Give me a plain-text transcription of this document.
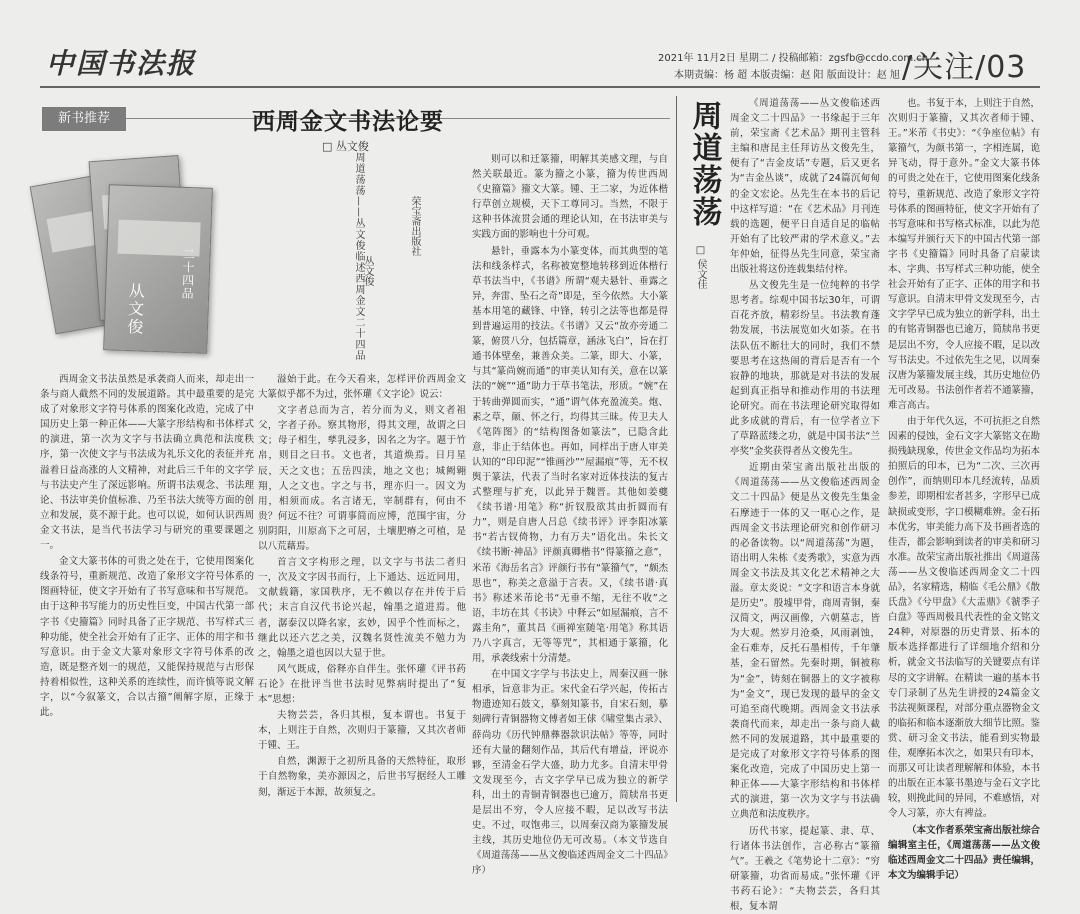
中国书法报	2021年 11月2日 星期二 / 投稿邮箱：zgsfb@ccdo.com.cn
本期责编：杨 超 本版责编：赵 阳 版面设计：赵 旭 /关注/03
新书推荐	西周金文书法论要
□ 丛文俊
从文俊
二十四品	周道荡荡——丛文俊临述西周金文二十四品
丛文俊
荣宝斋出版社

西周金文书法虽然是承袭商人而来，却走出一条与商人截然不同的发展道路。其中最重要的是完成了对象形文字符号体系的图案化改造，完成了中国历史上第一种正体——大篆字形结构和书体样式的演进，第一次为文字与书法确立典范和法度秩序，第一次使文字与书法成为礼乐文化的表征并充溢着日益高涨的人文精神，对此后三千年的文字学与书法史产生了深远影响。所谓书法观念、书法理论、书法审美价值标准、乃至书法大统等方面的创立和发展，莫不源于此。也可以说，如何认识西周金文书法，是当代书法学习与研究的重要课题之一。

金文大篆书体的可贵之处在于，它使用图案化线条符号，重新规范、改造了象形文字符号体系的图画特征，使文字开始有了书写意味和书写规范。由于这种书写能力的历史性巨变，中国古代第一部字书《史籀篇》同时具备了正字规范、书写样式三种功能，使全社会开始有了正字、正体的用字和书写意识。由于金文大篆对象形文字符号体系的改造，既是整齐划一的规范，又能保持规范与古形保持着相似性，这种关系的连续性，而许慎等说文解字，以“今叙篆文，合以古籀”阐解字原，正缘于此。

溢始于此。在今天看来，怎样评价西周金文大篆似乎都不为过，张怀瓘《文字论》说云：

文字者总而为言，若分而为义，则文者祖父，字者子孙。察其物形，得其文理，故谓之曰文；母子相生，孳乳浸多，因名之为字。题于竹帛，则目之曰书。文也者，其道焕焉。日月星辰，天之文也；五岳四渎，地之文也；城阙翱翔，人之文也。字之与书，理亦归一。因文为用，相须而成。名言诸无，宰制群有，何由不贵？何远不往？可谓事简而应博，范围宇宙，分别阴阳，川原高下之可居，土壤肥瘠之可植，是以八荒藉焉。

首言文字构形之理，以文字与书法二者归一，次及文字因书而行，上下通达、远近同用，文献载籍，家国秩序，无不赖以存在并传于后代；末言自汉代书论兴起，翰墨之道进焉。他者，潺泰汉以降名家，玄妙，因乎个性而标之，继此以还六艺之美，汉魏名贤性流美不勉力为之，翰墨之道也因以大显于世。

风气既成，俗释亦自伴生。张怀瓘《评书药石论》在批评当世书法时见弊病时提出了“复本”思想：

夫物芸芸，各归其根，复本谓也。书复于本，上则注于自然，次则归于篆籀，又其次者师于锺、王。

自然，渊源于之初所具备的天然特征，取形于自然物象，美亦源因之，后世书写据经人工雕刻，渐远于本源，故须复之。

则可以和迁篆籀，明解其美感文理，与自然关联最近。篆为籀之小篆，籀为传世西周《史籀篇》籀文大篆。锺、王二家，为近体楷行草创立规模，天下工尊同习。当然，不限于这种书体流贯会通的理论认知，在书法审美与实践方面的影响也十分可观。

悬针，垂露本为小篆变体，而其典型的笔法和线条样式，名称被宽整地转移到近体楷行草书法当中，《书谱》所谓“观夫悬针、垂露之异，奔雷、坠石之奇”即是，至今依然。大小篆基本用笔的藏锋、中锋，转引之法等也都是得到普遍运用的技法。《书谱》又云“故亦旁通二篆，俯贯八分，包括篇章，涵泳飞白”，旨在打通书体壁垒，兼善众美。二篆，即大、小篆，与其“篆尚婉而通”的审美认知有关，意在以篆法的“婉”“通”助力于草书笔法，形质。“婉”在于转曲弹圆而实，“通”谓气体充盈流美。炮、素之草，颠、怀之行，均得其三昧。传卫夫人《笔阵图》的“结构图备如篆法”，已隐含此意，非止于结体也。再如，同样出于唐人审美认知的“印印泥”“锥画沙”“屋漏痕”等，无不权舆于篆法，代表了当时名家对近体技法的复古式整理与扩充，以此异于魏晋。其他如姜夔《续书谱·用笔》称“折钗股欲其由折圆而有力”，则是自唐人吕总《续书评》评李阳冰篆书“若古钗倚物，力有万夫”语化出。朱长文《续书断·神品》评颜真卿楷书“得篆籀之意”，米芾《海岳名言》评颜行书有“篆籀气”，“颇杰思也”，称美之意溢于言表。又，《续书谱·真书》称述米芾论书“无垂不缩，无往不收”之语，丰坊在其《书诀》中释云“如屋漏痕，言不露圭角”，董其昌《画禅室随笔·用笔》称其语乃八字真言，无等等咒”，其相通于篆籀，化用，承袭线索十分清楚。

在中国文字学与书法史上，周秦汉画一脉相承，旨意非为正。宋代金石学兴起，传拓古物遗迹知石鼓文，摹刻知篆书，自宋石刻，摹刻碑行青铜器物文傅者如王俅《啸堂集古录》、薛尚功《历代钟鼎彝器款识法帖》等等，同时还有大量的翻刻作品，其后代有增益，评说亦夥，至清金石学大盛，助力尤多。自清末甲骨文发现至今，古文字学早已成为独立的新学科，出土的青铜青铜器也已逾万，简牍帛书更是层出不穷，令人应接不暇，足以改写书法史。不过，叹饱弗三，以周秦汉商为篆籀发展主线，其历史地位仍无可改易。（本文节选自《周道荡荡——丛文俊临述西周金文二十四品》序）

周道荡荡
□ 侯文佳

《周道荡荡——丛文俊临述西周金文二十四品》一书缘起于三年前，荣宝斋《艺术品》期刊主管科主编和唐昆主任拜访丛文俊先生，便有了“吉金皮话”专题，后又更名为“吉金丛谈”，成就了24篇沉甸甸的金文宏论。丛先生在本书的后记中这样写道：“在《艺术品》月刊连载的选题，便平日自适自足的临帖开始有了比较严肃的学术意义。”去年仲始，征得丛先生同意，荣宝斋出版社将这份连载集结付梓。

丛文俊先生是一位纯粹的书学思考者。综观中国书坛30年，可谓百花齐放，精彩纷呈。书法教育蓬勃发展，书法展览如火如荼。在书法队伍不断壮大的同时，我们不禁要思考在这热闹的背后是否有一个寂静的地块，那就是对书法的发展起到真正指导和推动作用的书法理论研究。而在书法理论研究取得如此多成就的背后，有一位学者立下了草路蓝缕之功，就是中国书法“兰亭奖”金奖获得者丛文俊先生。

近期由荣宝斋出版社出版的《周道荡荡——丛文俊临述西周金文二十四品》便是丛文俊先生集金石摩迹于一体的又一呕心之作，是西周金文书法理论研究和创作研习的必备读物。以“周道荡荡”为题，语出明人朱栋《麦秀歌》，实意为西周金文书法及其文化艺术精神之大溢。章太炎说：“文字和语言本身就是历史”。殷墟甲骨，商周青铜，秦汉简文，两汉画像，六朝墓志，皆为大观。然岁月沧桑，风雨剥蚀，金石难寿，反托石墨相传，千年肇基，金石留然。先秦时期，铜被称为“金”，铸刻在铜器上的文字被称为“金文”，现已发现的最早的金文可追至商代晚期。西周金文书法承袭商代而来，却走出一条与商人截然不同的发展道路，其中最重要的是完成了对象形文字符号体系的图案化改造，完成了中国历史上第一种正体——大篆字形结构和书体样式的演进，第一次为文字与书法确立典范和法度秩序。

历代书家，提起篆、隶、草、行诸体书法创作，言必称古“篆籀气”。王羲之《笔势论十二章》：“穷研篆籀，功省而易成。”张怀瓘《评书药石论》：“夫物芸芸，各归其根，复本谓

也。书复于本，上则注于自然，次则归于篆籀，又其次者师于锺、王。”米芾《书史》：“《争座位帖》有篆籀气，为颜书第一，字相连属，诡异飞动，得于意外。”金文大篆书体的可贵之处在于，它使用图案化线条符号，重新规范、改造了象形文字符号体系的图画特征，使文字开始有了书写意味和书写格式标准，以此为范本编写并颁行天下的中国古代第一部字书《史籀篇》同时具备了启蒙读本、字典、书写样式三种功能，使全社会开始有了正字、正体的用字和书写意识。自清末甲骨文发现至今，古文字学早已成为独立的新学科，出土的有铭青铜器也已逾万，简牍帛书更是层出不穷，令人应接不暇，足以改写书法史。不过依先生之见，以周秦汉唐为篆籀发展主线，其历史地位仍无可改易。书法创作者若不通篆籀，难言高古。

由于年代久远，不可抗拒之自然因素的侵蚀，金石文字大篆铭文在勘损残缺现象，传世金文作品均为拓本拍照后的印本，已为“二次、三次再创作”，而纳则印本几经流转，品质参差，即期相宏者甚多，字形早已成缺损或变形，字口模糊难辨。金石拓本优劣，审美能力高下及书画者选的佳否，都会影响到读者的审美和研习水准。故荣宝斋出版社推出《周道荡荡——丛文俊临述西周金文二十四品》，名家精选，精临《毛公鼎》《散氏盘》《兮甲盘》《大盂鼎》《虢季子白盘》等西周极具代表性的金文铭文24种，对原器的历史背景、拓本的版本选择都进行了详细地介绍和分析，就金文书法临写的关键要点有详尽的文字讲解。在精读一遍的基本书专门录制了丛先生讲授的24篇金文书法视频课程，对部分重点器物金文的临拓和临本逐渐放大细节比照。鉴赏、研习金文书法，能看到实物最佳，观摩拓本次之，如果只有印本，而那又可让读者理解解和体验，本书的出版在正本篆书墨迹与金石文字比较，则挽此间的异同，不难感悟，对令人习篆，亦大有裨益。

（本文作者系荣宝斋出版社综合编辑室主任，《周道荡荡——丛文俊临述西周金文二十四品》责任编辑，本文为编辑手记）
